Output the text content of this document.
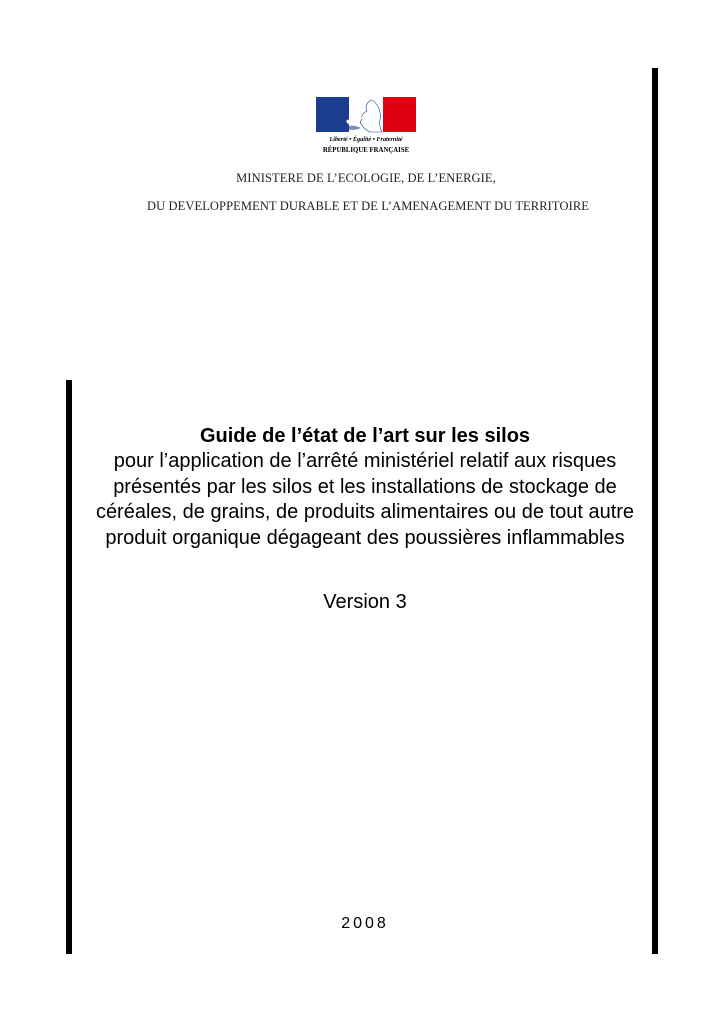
Liberté • Égalité • Fraternité
RÉPUBLIQUE FRANÇAISE
MINISTERE DE L’ECOLOGIE, DE L’ENERGIE,
DU DEVELOPPEMENT DURABLE ET DE L’AMENAGEMENT DU TERRITOIRE

Guide de l’état de l’art sur les silos

pour l’application de l’arrêté ministériel relatif aux risques présentés par les silos et les installations de stockage de céréales, de grains, de produits alimentaires ou de tout autre produit organique dégageant des poussières inflammables

Version 3
2008
